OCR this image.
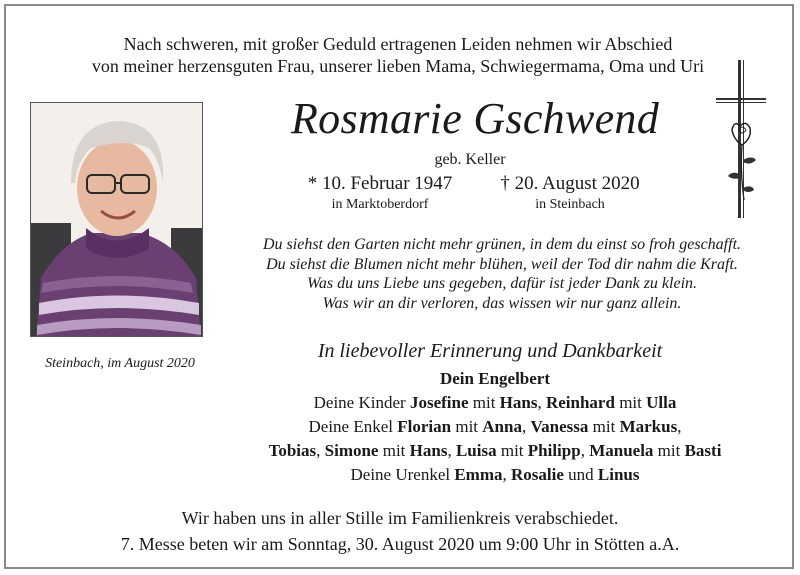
Nach schweren, mit großer Geduld ertragenen Leiden nehmen wir Abschied
von meiner herzensguten Frau, unserer lieben Mama, Schwiegermama, Oma und Uri
Steinbach, im August 2020
Rosmarie Gschwend
geb. Keller
* 10. Februar 1947	† 20. August 2020
in Marktoberdorf	in Steinbach
Du siehst den Garten nicht mehr grünen, in dem du einst so froh geschafft.
Du siehst die Blumen nicht mehr blühen, weil der Tod dir nahm die Kraft.
Was du uns Liebe uns gegeben, dafür ist jeder Dank zu klein.
Was wir an dir verloren, das wissen wir nur ganz allein.
In liebevoller Erinnerung und Dankbarkeit
Dein Engelbert
Deine Kinder Josefine mit Hans, Reinhard mit Ulla
Deine Enkel Florian mit Anna, Vanessa mit Markus,
Tobias, Simone mit Hans, Luisa mit Philipp, Manuela mit Basti
Deine Urenkel Emma, Rosalie und Linus
Wir haben uns in aller Stille im Familienkreis verabschiedet.
7. Messe beten wir am Sonntag, 30. August 2020 um 9:00 Uhr in Stötten a.A.
